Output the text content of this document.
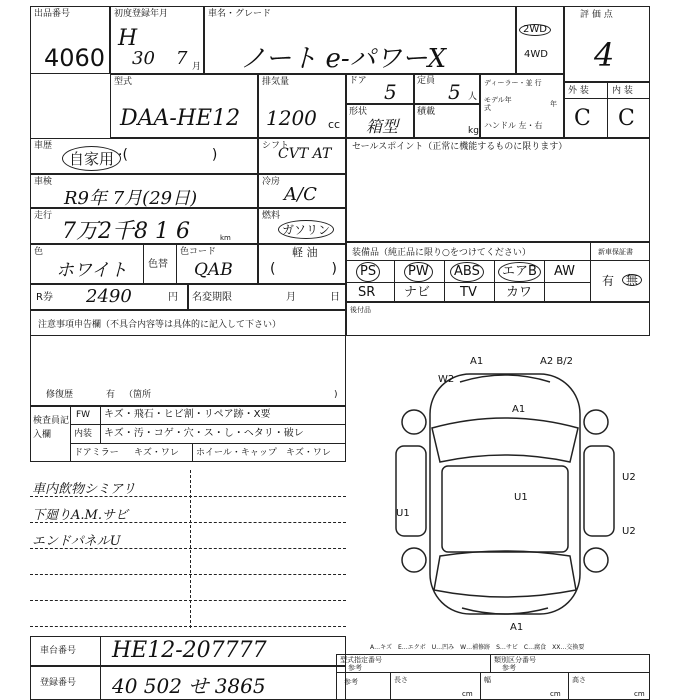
出品番号
4060
初度登録年月
H
30 7 月
車名・グレード
ノート e-パワーX
2WD
4WD
評 価 点
4
型式
DAA-HE12
排気量
1200 cc
ドア 5 定員 5 人
形状
箱型
積載
kg
ディーラー・並 行
モデル年式	年
ハンドル 左・右
外 装	内 装
C C
車歴
自家用 ·(　　　　　　)
シフト
CVT AT
車検
R9年 7月(29日)
冷房
A/C
走行
7万2千8 1 6	km
燃料
ガソリン
色
ホワイト 色替
色コード
QAB
軽 油
(　　　　)
R券 2490	円 名変期限	月	日
注意事項申告欄（不具合内容等は具体的に記入して下さい）
修復歴	有 （箇所	)
検査員記入欄
FW キズ・飛石・ヒビ割・リペア跡・X要
内装 キズ・汚・コゲ・穴・ス・し・ヘタリ・破レ
ドアミラー キズ・ワレ ホイール・キャップ キズ・ワレ
車内飲物シミアリ
下廻りA.M.サビ
エンドパネルU
セールスポイント（正常に機能するものに限ります）
装備品（純正品に限り○をつけてください）	新車保証書
PS	PW	ABS	エアB	AW
SR ナビ TV カワ
有 無
後付品
A1	A2 B/2
W2
A1
U1
U1
U2
U2
A1
A…キズ　E…エクボ　U…凹み　W…補修跡　S…サビ　C…腐食　XX…交換要
車台番号 HE12-207777
登録番号 40 502 せ 3865
型式指定番号
参考
類別区分番号
参考
参考	長さ
cm
幅
cm
高さ
cm
